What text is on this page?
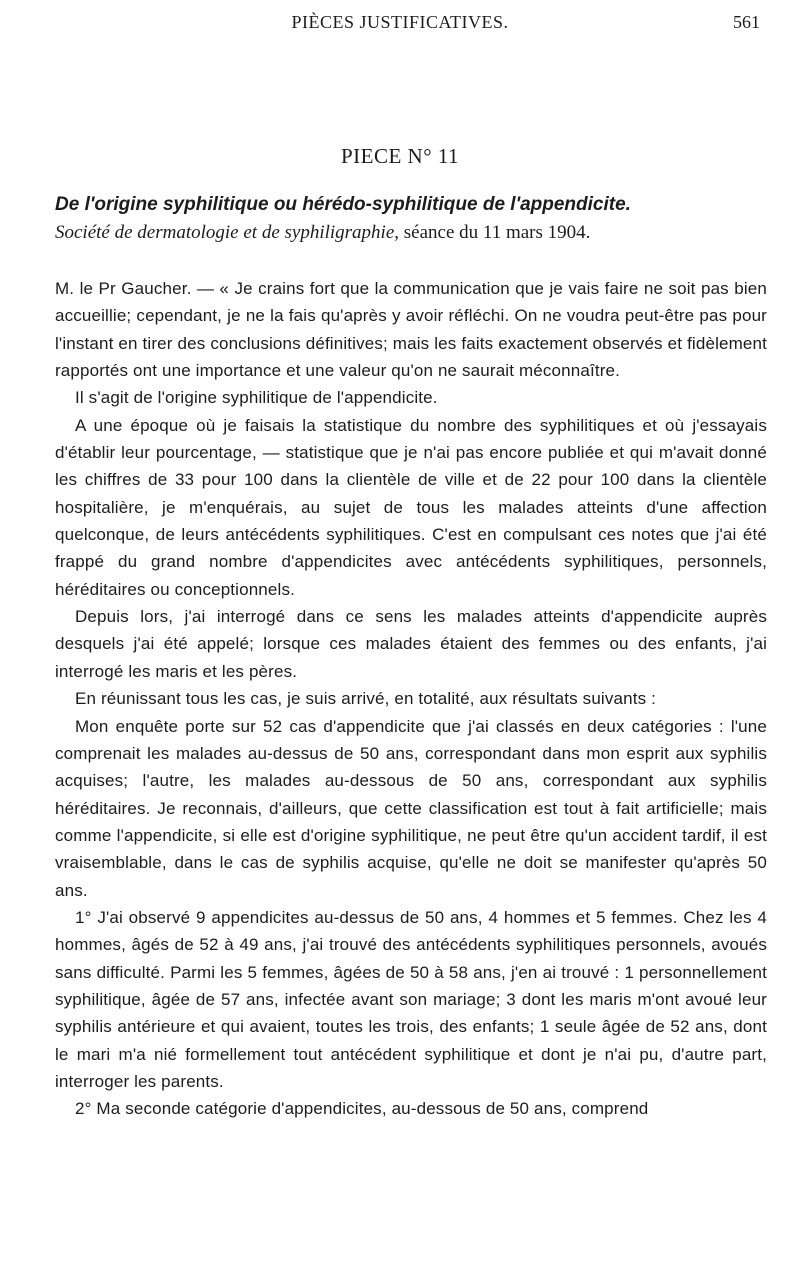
PIÈCES JUSTIFICATIVES.	561
PIECE N° 11
De l'origine syphilitique ou hérédo-syphilitique de l'appendicite.
Société de dermatologie et de syphiligraphie, séance du 11 mars 1904.

M. le Pr Gaucher. — « Je crains fort que la communication que je vais faire ne soit pas bien accueillie; cependant, je ne la fais qu'après y avoir réfléchi. On ne voudra peut-être pas pour l'instant en tirer des conclusions définitives; mais les faits exactement observés et fidèlement rapportés ont une importance et une valeur qu'on ne saurait méconnaître.

Il s'agit de l'origine syphilitique de l'appendicite.

A une époque où je faisais la statistique du nombre des syphilitiques et où j'essayais d'établir leur pourcentage, — statistique que je n'ai pas encore publiée et qui m'avait donné les chiffres de 33 pour 100 dans la clientèle de ville et de 22 pour 100 dans la clientèle hospitalière, je m'enquérais, au sujet de tous les malades atteints d'une affection quelconque, de leurs antécédents syphilitiques. C'est en compulsant ces notes que j'ai été frappé du grand nombre d'appendicites avec antécédents syphilitiques, personnels, héréditaires ou conceptionnels.

Depuis lors, j'ai interrogé dans ce sens les malades atteints d'appendicite auprès desquels j'ai été appelé; lorsque ces malades étaient des femmes ou des enfants, j'ai interrogé les maris et les pères.

En réunissant tous les cas, je suis arrivé, en totalité, aux résultats suivants :

Mon enquête porte sur 52 cas d'appendicite que j'ai classés en deux catégories : l'une comprenait les malades au-dessus de 50 ans, correspondant dans mon esprit aux syphilis acquises; l'autre, les malades au-dessous de 50 ans, correspondant aux syphilis héréditaires. Je reconnais, d'ailleurs, que cette classification est tout à fait artificielle; mais comme l'appendicite, si elle est d'origine syphilitique, ne peut être qu'un accident tardif, il est vraisemblable, dans le cas de syphilis acquise, qu'elle ne doit se manifester qu'après 50 ans.

1° J'ai observé 9 appendicites au-dessus de 50 ans, 4 hommes et 5 femmes. Chez les 4 hommes, âgés de 52 à 49 ans, j'ai trouvé des antécédents syphilitiques personnels, avoués sans difficulté. Parmi les 5 femmes, âgées de 50 à 58 ans, j'en ai trouvé : 1 personnellement syphilitique, âgée de 57 ans, infectée avant son mariage; 3 dont les maris m'ont avoué leur syphilis antérieure et qui avaient, toutes les trois, des enfants; 1 seule âgée de 52 ans, dont le mari m'a nié formellement tout antécédent syphilitique et dont je n'ai pu, d'autre part, interroger les parents.

2° Ma seconde catégorie d'appendicites, au-dessous de 50 ans, comprend
